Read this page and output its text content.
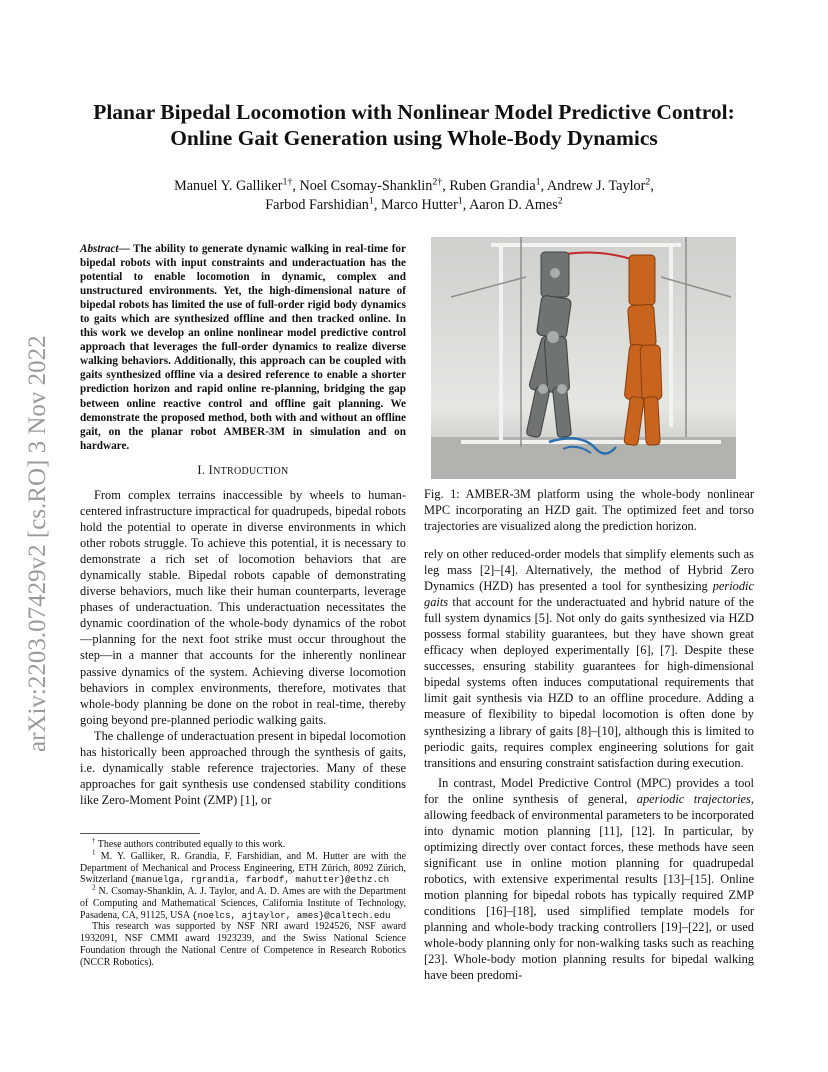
arXiv:2203.07429v2 [cs.RO] 3 Nov 2022
Planar Bipedal Locomotion with Nonlinear Model Predictive Control:
Online Gait Generation using Whole-Body Dynamics
Manuel Y. Galliker$^{1\dagger}$, Noel Csomay-Shanklin$^{2\dagger}$, Ruben Grandia$^1$, Andrew J. Taylor$^2$,
Farbod Farshidian$^1$, Marco Hutter$^1$, Aaron D. Ames$^2$

Abstract— The ability to generate dynamic walking in real-time for bipedal robots with input constraints and underactuation has the potential to enable locomotion in dynamic, complex and unstructured environments. Yet, the high-dimensional nature of bipedal robots has limited the use of full-order rigid body dynamics to gaits which are synthesized offline and then tracked online. In this work we develop an online nonlinear model predictive control approach that leverages the full-order dynamics to realize diverse walking behaviors. Additionally, this approach can be coupled with gaits synthesized offline via a desired reference to enable a shorter prediction horizon and rapid online re-planning, bridging the gap between online reactive control and offline gait planning. We demonstrate the proposed method, both with and without an offline gait, on the planar robot AMBER-3M in simulation and on hardware.

I. INTRODUCTION

From complex terrains inaccessible by wheels to human-centered infrastructure impractical for quadrupeds, bipedal robots hold the potential to operate in diverse environments in which other robots struggle. To achieve this potential, it is necessary to demonstrate a rich set of locomotion behaviors that are dynamically stable. Bipedal robots capable of demonstrating diverse behaviors, much like their human counterparts, leverage phases of underactuation. This underactuation necessitates the dynamic coordination of the whole-body dynamics of the robot—planning for the next foot strike must occur throughout the step—in a manner that accounts for the inherently nonlinear passive dynamics of the system. Achieving diverse locomotion behaviors in complex environments, therefore, motivates that whole-body planning be done on the robot in real-time, thereby going beyond pre-planned periodic walking gaits.

The challenge of underactuation present in bipedal locomotion has historically been approached through the synthesis of gaits, i.e. dynamically stable reference trajectories. Many of these approaches for gait synthesis use condensed stability conditions like Zero-Moment Point (ZMP) [1], or

† These authors contributed equally to this work.

$^1$ M. Y. Galliker, R. Grandia, F. Farshidian, and M. Hutter are with the Department of Mechanical and Process Engineering, ETH Zürich, 8092 Zürich, Switzerland {manuelga, rgrandia, farbodf, mahutter}@ethz.ch

$^2$ N. Csomay-Shanklin, A. J. Taylor, and A. D. Ames are with the Department of Computing and Mathematical Sciences, California Institute of Technology, Pasadena, CA, 91125, USA {noelcs, ajtaylor, ames}@caltech.edu

This research was supported by NSF NRI award 1924526, NSF award 1932091, NSF CMMI award 1923239, and the Swiss National Science Foundation through the National Centre of Competence in Research Robotics (NCCR Robotics).

Fig. 1: AMBER-3M platform using the whole-body nonlinear MPC incorporating an HZD gait. The optimized feet and torso trajectories are visualized along the prediction horizon.

rely on other reduced-order models that simplify elements such as leg mass [2]–[4]. Alternatively, the method of Hybrid Zero Dynamics (HZD) has presented a tool for synthesizing periodic gaits that account for the underactuated and hybrid nature of the full system dynamics [5]. Not only do gaits synthesized via HZD possess formal stability guarantees, but they have shown great efficacy when deployed experimentally [6], [7]. Despite these successes, ensuring stability guarantees for high-dimensional bipedal systems often induces computational requirements that limit gait synthesis via HZD to an offline procedure. Adding a measure of flexibility to bipedal locomotion is often done by synthesizing a library of gaits [8]–[10], although this is limited to periodic gaits, requires complex engineering solutions for gait transitions and ensuring constraint satisfaction during execution.

In contrast, Model Predictive Control (MPC) provides a tool for the online synthesis of general, aperiodic trajectories, allowing feedback of environmental parameters to be incorporated into dynamic motion planning [11], [12]. In particular, by optimizing directly over contact forces, these methods have seen significant use in online motion planning for quadrupedal robotics, with extensive experimental results [13]–[15]. Online motion planning for bipedal robots has typically required ZMP conditions [16]–[18], used simplified template models for planning and whole-body tracking controllers [19]–[22], or used whole-body planning only for non-walking tasks such as reaching [23]. Whole-body motion planning results for bipedal walking have been predomi-
